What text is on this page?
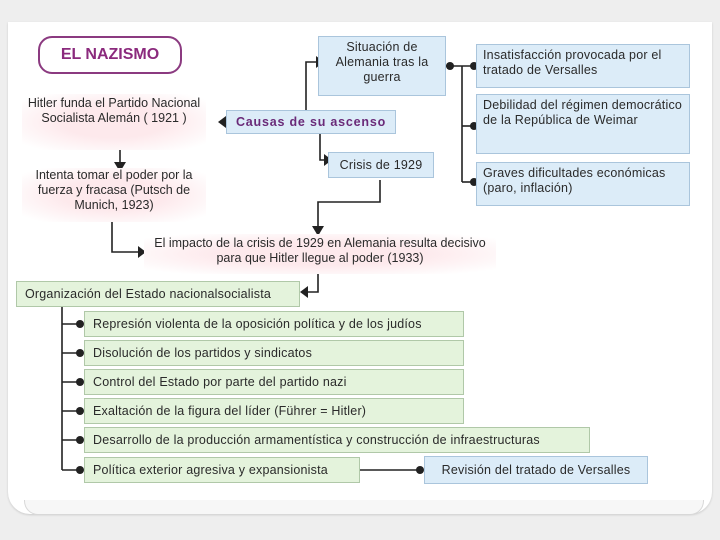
EL NAZISMO
Causas de su ascenso
Situación de Alemania tras la guerra
Crisis de 1929
Insatisfacción provocada por el tratado de Versalles
Debilidad del régimen democrático de la República de Weimar
Graves dificultades económicas (paro, inflación)
Hitler funda el Partido Nacional Socialista Alemán ( 1921 )
Intenta tomar el poder por la fuerza y fracasa (Putsch de Munich, 1923)
El impacto de la crisis de 1929 en Alemania resulta decisivo para que Hitler llegue al poder (1933)
Organización del Estado nacionalsocialista
Represión violenta de la oposición política y de los judíos
Disolución de los partidos y sindicatos
Control del Estado por parte del partido nazi
Exaltación de la figura del líder (Führer = Hitler)
Desarrollo de la producción armamentística y construcción de infraestructuras
Política exterior agresiva y expansionista	Revisión del tratado de Versalles
